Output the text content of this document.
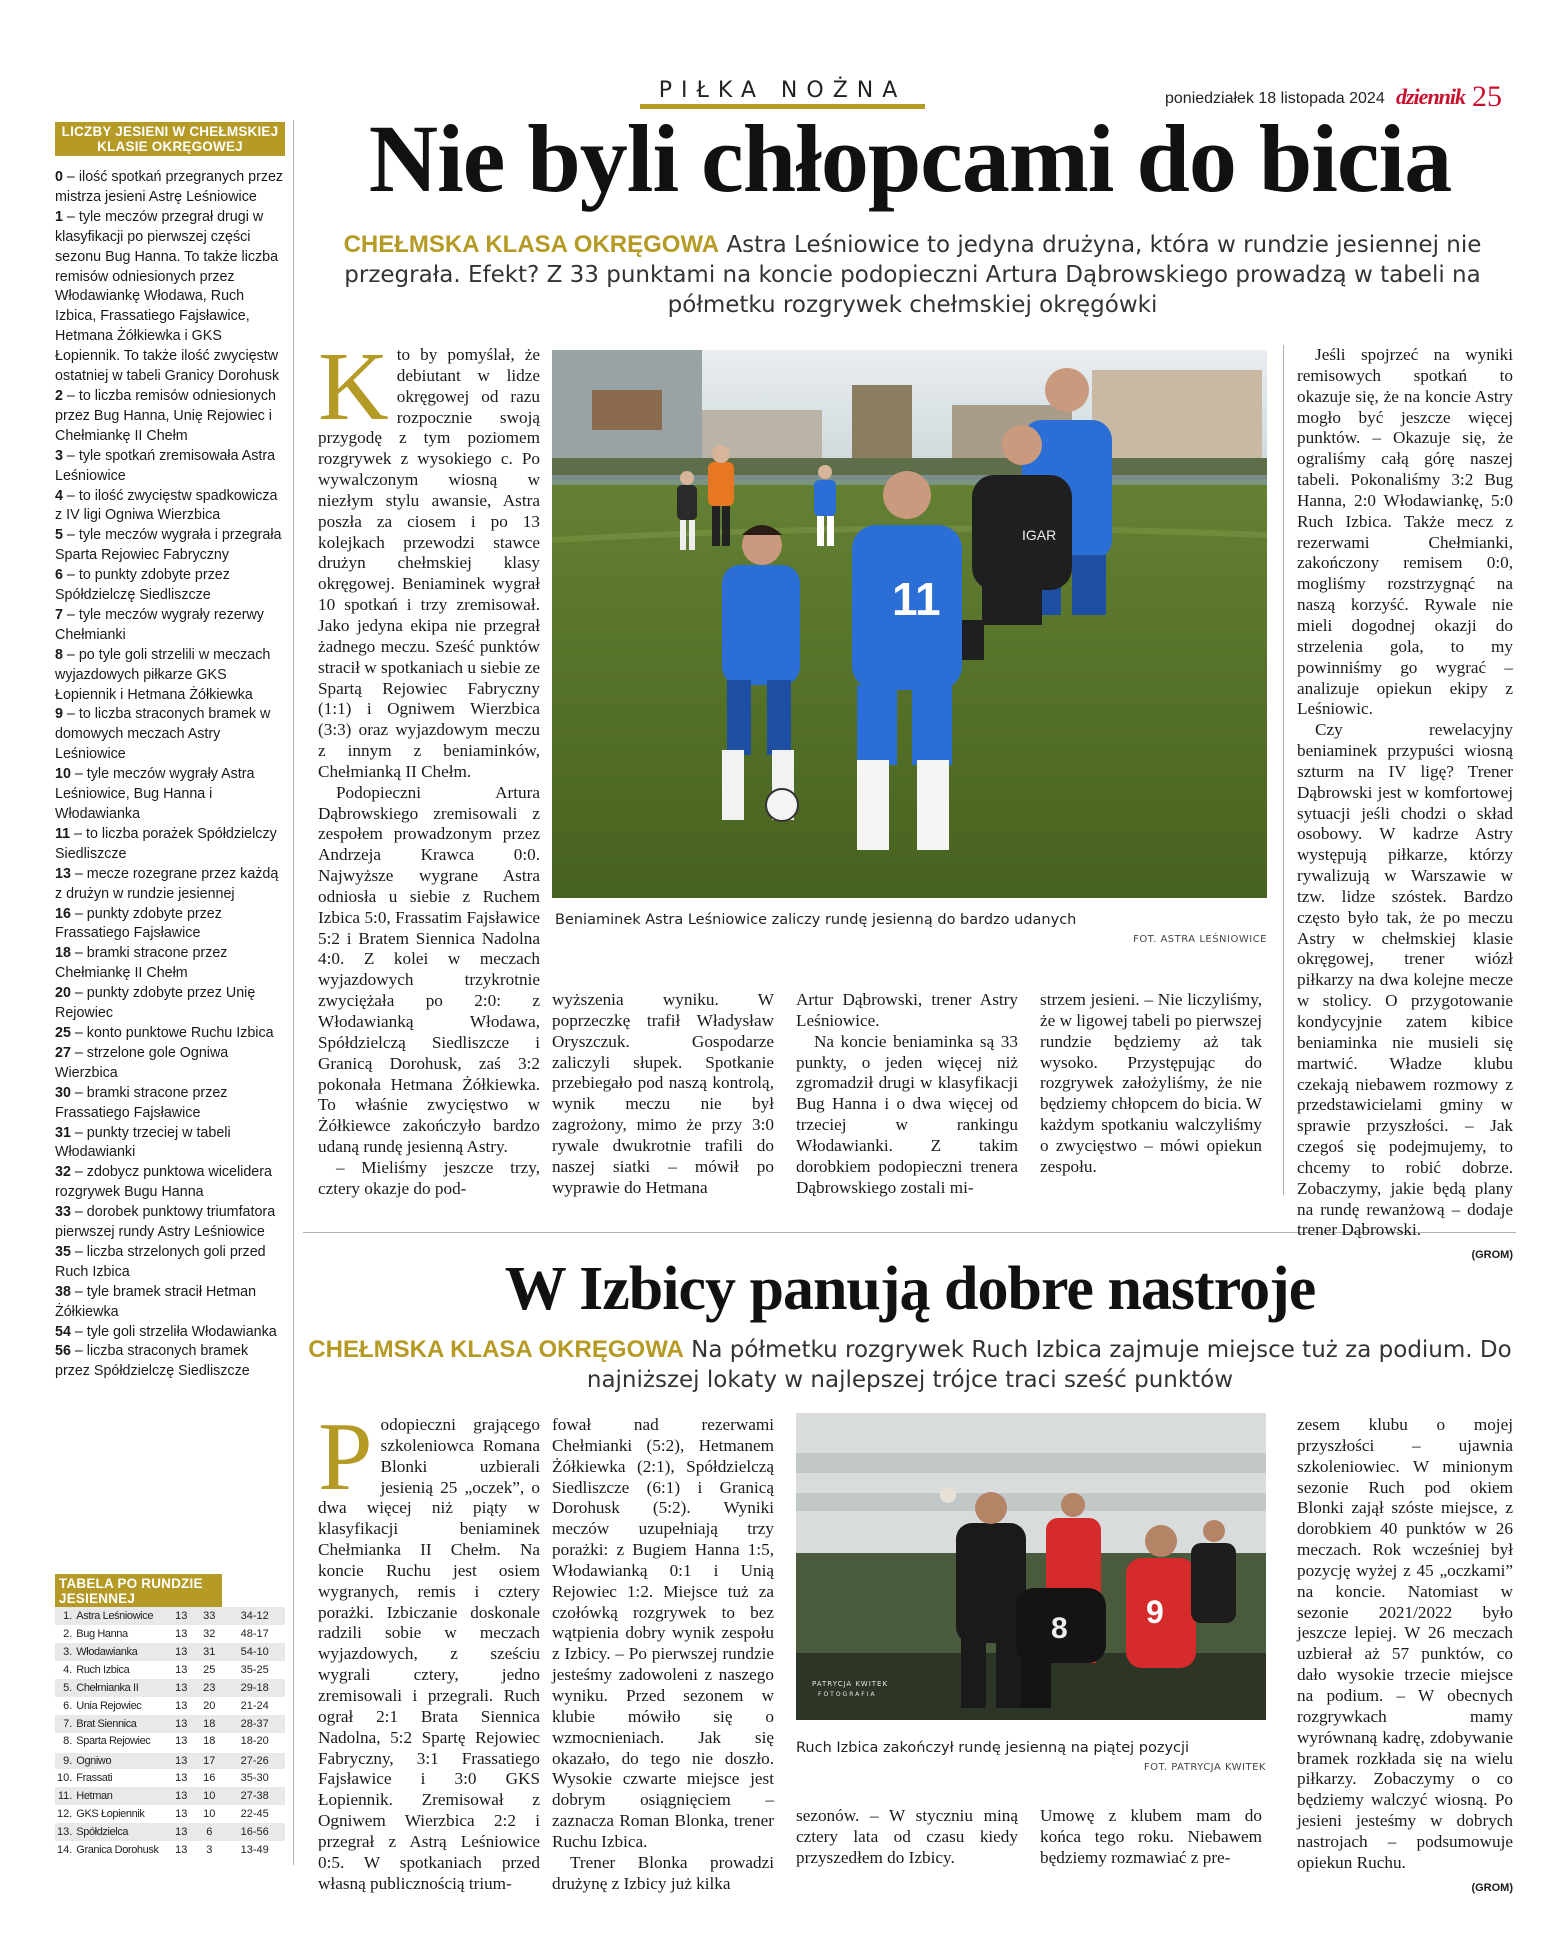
PIŁKA NOŻNA	poniedziałek 18 listopada 2024 dziennik 25
LICZBY JESIENI W CHEŁMSKIEJ KLASIE OKRĘGOWEJ
0 – ilość spotkań przegranych przez mistrza jesieni Astrę Leśniowice
1 – tyle meczów przegrał drugi w klasyfikacji po pierwszej części sezonu Bug Hanna. To także liczba remisów odniesionych przez Włodawiankę Włodawa, Ruch Izbica, Frassatiego Fajsławice, Hetmana Żółkiewka i GKS Łopiennik. To także ilość zwycięstw ostatniej w tabeli Granicy Dorohusk
2 – to liczba remisów odniesionych przez Bug Hanna, Unię Rejowiec i Chełmiankę II Chełm
3 – tyle spotkań zremisowała Astra Leśniowice
4 – to ilość zwycięstw spadkowicza z IV ligi Ogniwa Wierzbica
5 – tyle meczów wygrała i przegrała Sparta Rejowiec Fabryczny
6 – to punkty zdobyte przez Spółdzielczę Siedliszcze
7 – tyle meczów wygrały rezerwy Chełmianki
8 – po tyle goli strzelili w meczach wyjazdowych piłkarze GKS Łopiennik i Hetmana Żółkiewka
9 – to liczba straconych bramek w domowych meczach Astry Leśniowice
10 – tyle meczów wygrały Astra Leśniowice, Bug Hanna i Włodawianka
11 – to liczba porażek Spółdzielczy Siedliszcze
13 – mecze rozegrane przez każdą z drużyn w rundzie jesiennej
16 – punkty zdobyte przez Frassatiego Fajsławice
18 – bramki stracone przez Chełmiankę II Chełm
20 – punkty zdobyte przez Unię Rejowiec
25 – konto punktowe Ruchu Izbica
27 – strzelone gole Ogniwa Wierzbica
30 – bramki stracone przez Frassatiego Fajsławice
31 – punkty trzeciej w tabeli Włodawianki
32 – zdobycz punktowa wicelidera rozgrywek Bugu Hanna
33 – dorobek punktowy triumfatora pierwszej rundy Astry Leśniowice
35 – liczba strzelonych goli przed Ruch Izbica
38 – tyle bramek stracił Hetman Żółkiewka
54 – tyle goli strzeliła Włodawianka
56 – liczba straconych bramek przez Spółdzielczę Siedliszcze
TABELA PO RUNDZIE JESIENNEJ
1.	Astra Leśniowice	13	33	34-12
2.	Bug Hanna	13	32	48-17
3.	Włodawianka	13	31	54-10
4.	Ruch Izbica	13	25	35-25
5.	Chełmianka II	13	23	29-18
6.	Unia Rejowiec	13	20	21-24
7.	Brat Siennica	13	18	28-37
8.	Sparta Rejowiec	13	18	18-20
9.	Ogniwo	13	17	27-26
10.	Frassati	13	16	35-30
11.	Hetman	13	10	27-38
12.	GKS Łopiennik	13	10	22-45
13.	Spółdzielca	13	6	16-56
14.	Granica Dorohusk	13	3	13-49
Nie byli chłopcami do bicia
CHEŁMSKA KLASA OKRĘGOWA Astra Leśniowice to jedyna drużyna, która w rundzie jesiennej nie przegrała. Efekt? Z 33 punktami na koncie podopieczni Artura Dąbrowskiego prowadzą w tabeli na półmetku rozgrywek chełmskiej okręgówki
K to by pomyślał, że debiutant w lidze okręgowej od razu rozpocznie swoją przygodę z tym poziomem rozgrywek z wysokiego c. Po wywalczonym wiosną w niezłym stylu awansie, Astra poszła za ciosem i po 13 kolejkach przewodzi stawce drużyn chełmskiej klasy okręgowej. Beniaminek wygrał 10 spotkań i trzy zremisował. Jako jedyna ekipa nie przegrał żadnego meczu. Sześć punktów stracił w spotkaniach u siebie ze Spartą Rejowiec Fabryczny (1:1) i Ogniwem Wierzbica (3:3) oraz wyjazdowym meczu z innym z beniaminków, Chełmianką II Chełm.

Podopieczni Artura Dąbrowskiego zremisowali z zespołem prowadzonym przez Andrzeja Krawca 0:0. Najwyższe wygrane Astra odniosła u siebie z Ruchem Izbica 5:0, Frassatim Fajsławice 5:2 i Bratem Siennica Nadolna 4:0. Z kolei w meczach wyjazdowych trzykrotnie zwyciężała po 2:0: z Włodawianką Włodawa, Spółdzielczą Siedliszcze i Granicą Dorohusk, zaś 3:2 pokonała Hetmana Żółkiewka. To właśnie zwycięstwo w Żółkiewce zakończyło bardzo udaną rundę jesienną Astry.

– Mieliśmy jeszcze trzy, cztery okazje do pod-

11
IGAR
Beniaminek Astra Leśniowice zaliczy rundę jesienną do bardzo udanych
FOT. ASTRA LEŚNIOWICE

wyższenia wyniku. W poprzeczkę trafił Władysław Oryszczuk. Gospodarze zaliczyli słupek. Spotkanie przebiegało pod naszą kontrolą, wynik meczu nie był zagrożony, mimo że przy 3:0 rywale dwukrotnie trafili do naszej siatki – mówił po wyprawie do Hetmana

Artur Dąbrowski, trener Astry Leśniowice.

Na koncie beniaminka są 33 punkty, o jeden więcej niż zgromadził drugi w klasyfikacji Bug Hanna i o dwa więcej od trzeciej w rankingu Włodawianki. Z takim dorobkiem podopieczni trenera Dąbrowskiego zostali mi-

strzem jesieni. – Nie liczyliśmy, że w ligowej tabeli po pierwszej rundzie będziemy aż tak wysoko. Przystępując do rozgrywek założyliśmy, że nie będziemy chłopcem do bicia. W każdym spotkaniu walczyliśmy o zwycięstwo – mówi opiekun zespołu.

Jeśli spojrzeć na wyniki remisowych spotkań to okazuje się, że na koncie Astry mogło być jeszcze więcej punktów. – Okazuje się, że ograliśmy całą górę naszej tabeli. Pokonaliśmy 3:2 Bug Hanna, 2:0 Włodawiankę, 5:0 Ruch Izbica. Także mecz z rezerwami Chełmianki, zakończony remisem 0:0, mogliśmy rozstrzygnąć na naszą korzyść. Rywale nie mieli dogodnej okazji do strzelenia gola, to my powinniśmy go wygrać – analizuje opiekun ekipy z Leśniowic.

Czy rewelacyjny beniaminek przypuści wiosną szturm na IV ligę? Trener Dąbrowski jest w komfortowej sytuacji jeśli chodzi o skład osobowy. W kadrze Astry występują piłkarze, którzy rywalizują w Warszawie w tzw. lidze szóstek. Bardzo często było tak, że po meczu Astry w chełmskiej klasie okręgowej, trener wiózł piłkarzy na dwa kolejne mecze w stolicy. O przygotowanie kondycyjnie zatem kibice beniaminka nie musieli się martwić. Władze klubu czekają niebawem rozmowy z przedstawicielami gminy w sprawie przyszłości. – Jak czegoś się podejmujemy, to chcemy to robić dobrze. Zobaczymy, jakie będą plany na rundę rewanżową – dodaje trener Dąbrowski.

(GROM)
W Izbicy panują dobre nastroje
CHEŁMSKA KLASA OKRĘGOWA Na półmetku rozgrywek Ruch Izbica zajmuje miejsce tuż za podium. Do najniższej lokaty w najlepszej trójce traci sześć punktów
P odopieczni grającego szkoleniowca Romana Blonki uzbierali jesienią 25 „oczek”, o dwa więcej niż piąty w klasyfikacji beniaminek Chełmianka II Chełm. Na koncie Ruchu jest osiem wygranych, remis i cztery porażki. Izbiczanie doskonale radzili sobie w meczach wyjazdowych, z sześciu wygrali cztery, jedno zremisowali i przegrali. Ruch ograł 2:1 Brata Siennica Nadolna, 5:2 Spartę Rejowiec Fabryczny, 3:1 Frassatiego Fajsławice i 3:0 GKS Łopiennik. Zremisował z Ogniwem Wierzbica 2:2 i przegrał z Astrą Leśniowice 0:5. W spotkaniach przed własną publicznością trium-

fował nad rezerwami Chełmianki (5:2), Hetmanem Żółkiewka (2:1), Spółdzielczą Siedliszcze (6:1) i Granicą Dorohusk (5:2). Wyniki meczów uzupełniają trzy porażki: z Bugiem Hanna 1:5, Włodawianką 0:1 i Unią Rejowiec 1:2. Miejsce tuż za czołówką rozgrywek to bez wątpienia dobry wynik zespołu z Izbicy. – Po pierwszej rundzie jesteśmy zadowoleni z naszego wyniku. Przed sezonem w klubie mówiło się o wzmocnieniach. Jak się okazało, do tego nie doszło. Wysokie czwarte miejsce jest dobrym osiągnięciem – zaznacza Roman Blonka, trener Ruchu Izbica.

Trener Blonka prowadzi drużynę z Izbicy już kilka

9
8
PATRYCJA KWITEK
FOTOGRAFIA
Ruch Izbica zakończył rundę jesienną na piątej pozycji
FOT. PATRYCJA KWITEK

sezonów. – W styczniu miną cztery lata od czasu kiedy przyszedłem do Izbicy.

Umowę z klubem mam do końca tego roku. Niebawem będziemy rozmawiać z pre-

zesem klubu o mojej przyszłości – ujawnia szkoleniowiec. W minionym sezonie Ruch pod okiem Blonki zajął szóste miejsce, z dorobkiem 40 punktów w 26 meczach. Rok wcześniej był pozycję wyżej z 45 „oczkami” na koncie. Natomiast w sezonie 2021/2022 było jeszcze lepiej. W 26 meczach uzbierał aż 57 punktów, co dało wysokie trzecie miejsce na podium. – W obecnych rozgrywkach mamy wyrównaną kadrę, zdobywanie bramek rozkłada się na wielu piłkarzy. Zobaczymy o co będziemy walczyć wiosną. Po jesieni jesteśmy w dobrych nastrojach – podsumowuje opiekun Ruchu.

(GROM)
